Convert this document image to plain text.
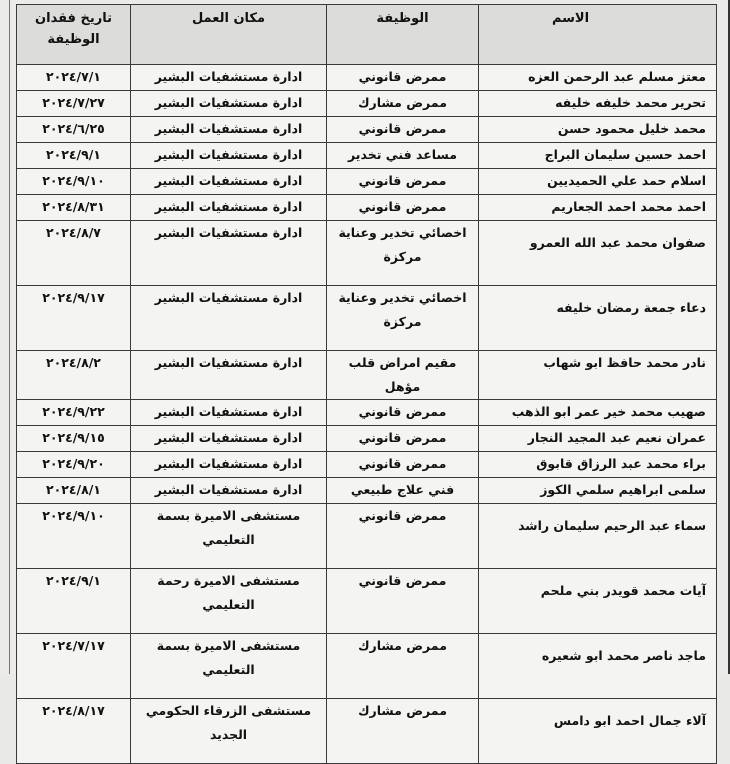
الاسم	الوظيفة	مكان العمل	تاريخ فقدان الوظيفة
معتز مسلم عبد الرحمن العزه	ممرض قانوني	ادارة مستشفيات البشير	٢٠٢٤/٧/١
تحرير محمد خليفه خليفه	ممرض مشارك	ادارة مستشفيات البشير	٢٠٢٤/٧/٢٧
محمد خليل محمود حسن	ممرض قانوني	ادارة مستشفيات البشير	٢٠٢٤/٦/٢٥
احمد حسين سليمان البراج	مساعد فني تخدير	ادارة مستشفيات البشير	٢٠٢٤/٩/١
اسلام حمد علي الحميديين	ممرض قانوني	ادارة مستشفيات البشير	٢٠٢٤/٩/١٠
احمد محمد احمد الجعاريم	ممرض قانوني	ادارة مستشفيات البشير	٢٠٢٤/٨/٣١
صفوان محمد عبد الله العمرو	اخصائي تخدير وعناية مركزة	ادارة مستشفيات البشير	٢٠٢٤/٨/٧
دعاء جمعة رمضان خليفه	اخصائي تخدير وعناية مركزة	ادارة مستشفيات البشير	٢٠٢٤/٩/١٧
نادر محمد حافظ ابو شهاب	مقيم امراض قلب مؤهل	ادارة مستشفيات البشير	٢٠٢٤/٨/٢
صهيب محمد خير عمر ابو الذهب	ممرض قانوني	ادارة مستشفيات البشير	٢٠٢٤/٩/٢٢
عمران نعيم عبد المجيد النجار	ممرض قانوني	ادارة مستشفيات البشير	٢٠٢٤/٩/١٥
براء محمد عبد الرزاق قابوق	ممرض قانوني	ادارة مستشفيات البشير	٢٠٢٤/٩/٢٠
سلمى ابراهيم سلمي الكوز	فني علاج طبيعي	ادارة مستشفيات البشير	٢٠٢٤/٨/١
سماء عبد الرحيم سليمان راشد	ممرض قانوني	مستشفى الاميرة بسمة التعليمي	٢٠٢٤/٩/١٠
آيات محمد قويدر بني ملحم	ممرض قانوني	مستشفى الاميرة رحمة التعليمي	٢٠٢٤/٩/١
ماجد ناصر محمد ابو شعيره	ممرض مشارك	مستشفى الاميرة بسمة التعليمي	٢٠٢٤/٧/١٧
آلاء جمال احمد ابو دامس	ممرض مشارك	مستشفى الزرقاء الحكومي الجديد	٢٠٢٤/٨/١٧
